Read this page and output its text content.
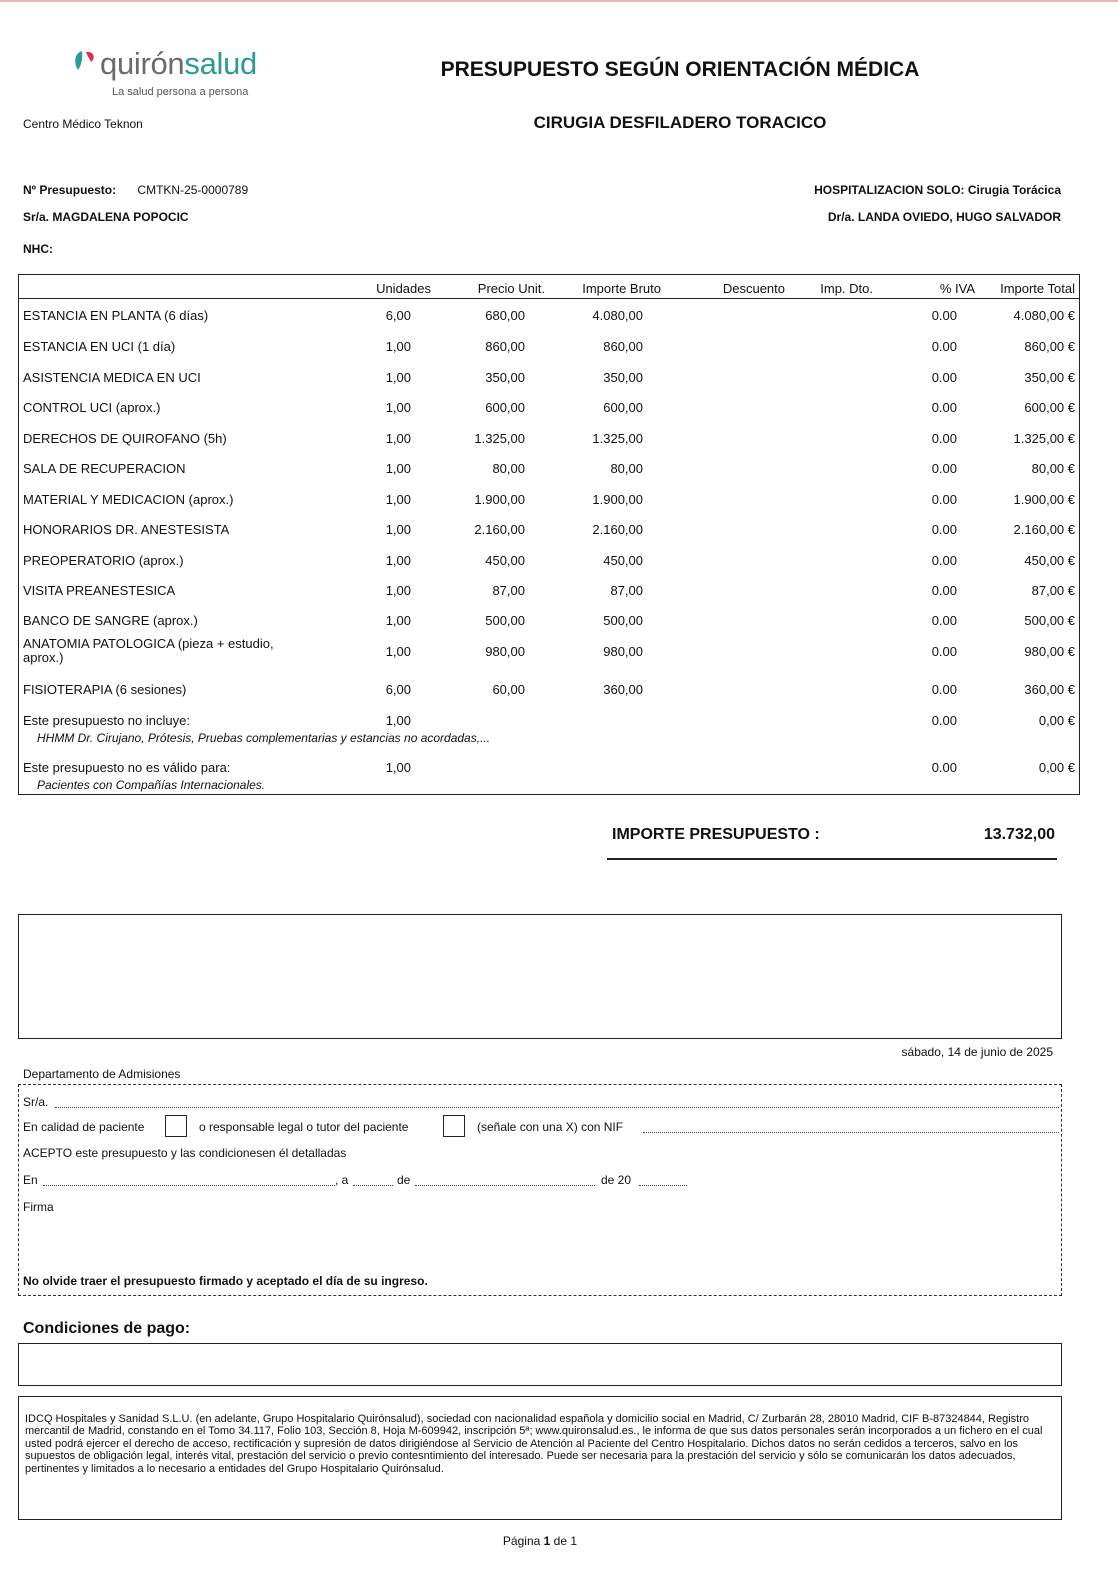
quirónsalud
La salud persona a persona
PRESUPUESTO SEGÚN ORIENTACIÓN MÉDICA
CIRUGIA DESFILADERO TORACICO
Centro Médico Teknon
Nº Presupuesto: CMTKN-25-0000789
Sr/a. MAGDALENA POPOCIC
NHC:
HOSPITALIZACION SOLO: Cirugia Torácica
Dr/a. LANDA OVIEDO, HUGO SALVADOR
Unidades	Precio Unit.	Importe Bruto	Descuento	Imp. Dto.	% IVA	Importe Total
ESTANCIA EN PLANTA (6 días)	6,00	680,00	4.080,00	0.00	4.080,00 €
ESTANCIA EN UCI (1 día)	1,00	860,00	860,00	0.00	860,00 €
ASISTENCIA MEDICA EN UCI	1,00	350,00	350,00	0.00	350,00 €
CONTROL UCI (aprox.)	1,00	600,00	600,00	0.00	600,00 €
DERECHOS DE QUIROFANO (5h)	1,00	1.325,00	1.325,00	0.00	1.325,00 €
SALA DE RECUPERACION	1,00	80,00	80,00	0.00	80,00 €
MATERIAL Y MEDICACION (aprox.)	1,00	1.900,00	1.900,00	0.00	1.900,00 €
HONORARIOS DR. ANESTESISTA	1,00	2.160,00	2.160,00	0.00	2.160,00 €
PREOPERATORIO (aprox.)	1,00	450,00	450,00	0.00	450,00 €
VISITA PREANESTESICA	1,00	87,00	87,00	0.00	87,00 €
BANCO DE SANGRE (aprox.)	1,00	500,00	500,00	0.00	500,00 €
ANATOMIA PATOLOGICA (pieza + estudio,
aprox.)	1,00	980,00	980,00	0.00	980,00 €
FISIOTERAPIA (6 sesiones)	6,00	60,00	360,00	0.00	360,00 €
Este presupuesto no incluye:	1,00	0.00	0,00 €
HHMM Dr. Cirujano, Prótesis, Pruebas complementarias y estancias no acordadas,...
Este presupuesto no es válido para:	1,00	0.00	0,00 €
Pacientes con Compañías Internacionales.
IMPORTE PRESUPUESTO :	13.732,00
sábado, 14 de junio de 2025
Departamento de Admisiones
Sr/a.
En calidad de paciente	o responsable legal o tutor del paciente	(señale con una X) con NIF
ACEPTO este presupuesto y las condicionesen él detalladas
En	, a	de	de 20
Firma
No olvide traer el presupuesto firmado y aceptado el día de su ingreso.
Condiciones de pago:
IDCQ Hospitales y Sanidad S.L.U. (en adelante, Grupo Hospitalario Quirónsalud), sociedad con nacionalidad española y domicilio social en Madrid, C/ Zurbarán 28, 28010 Madrid, CIF B-87324844, Registro mercantil de Madrid, constando en el Tomo 34.117, Folio 103, Sección 8, Hoja M-609942, inscripción 5ª; www.quironsalud.es., le informa de que sus datos personales serán incorporados a un fichero en el cual usted podrá ejercer el derecho de acceso, rectificación y supresión de datos dirigiéndose al Servicio de Atención al Paciente del Centro Hospitalario. Dichos datos no serán cedidos a terceros, salvo en los supuestos de obligación legal, interés vital, prestación del servicio o previo contesntimiento del interesado. Puede ser necesaria para la prestación del servicio y sólo se comunicarán los datos adecuados, pertinentes y limitados a lo necesario a entidades del Grupo Hospitalario Quirónsalud.
Página 1 de 1
